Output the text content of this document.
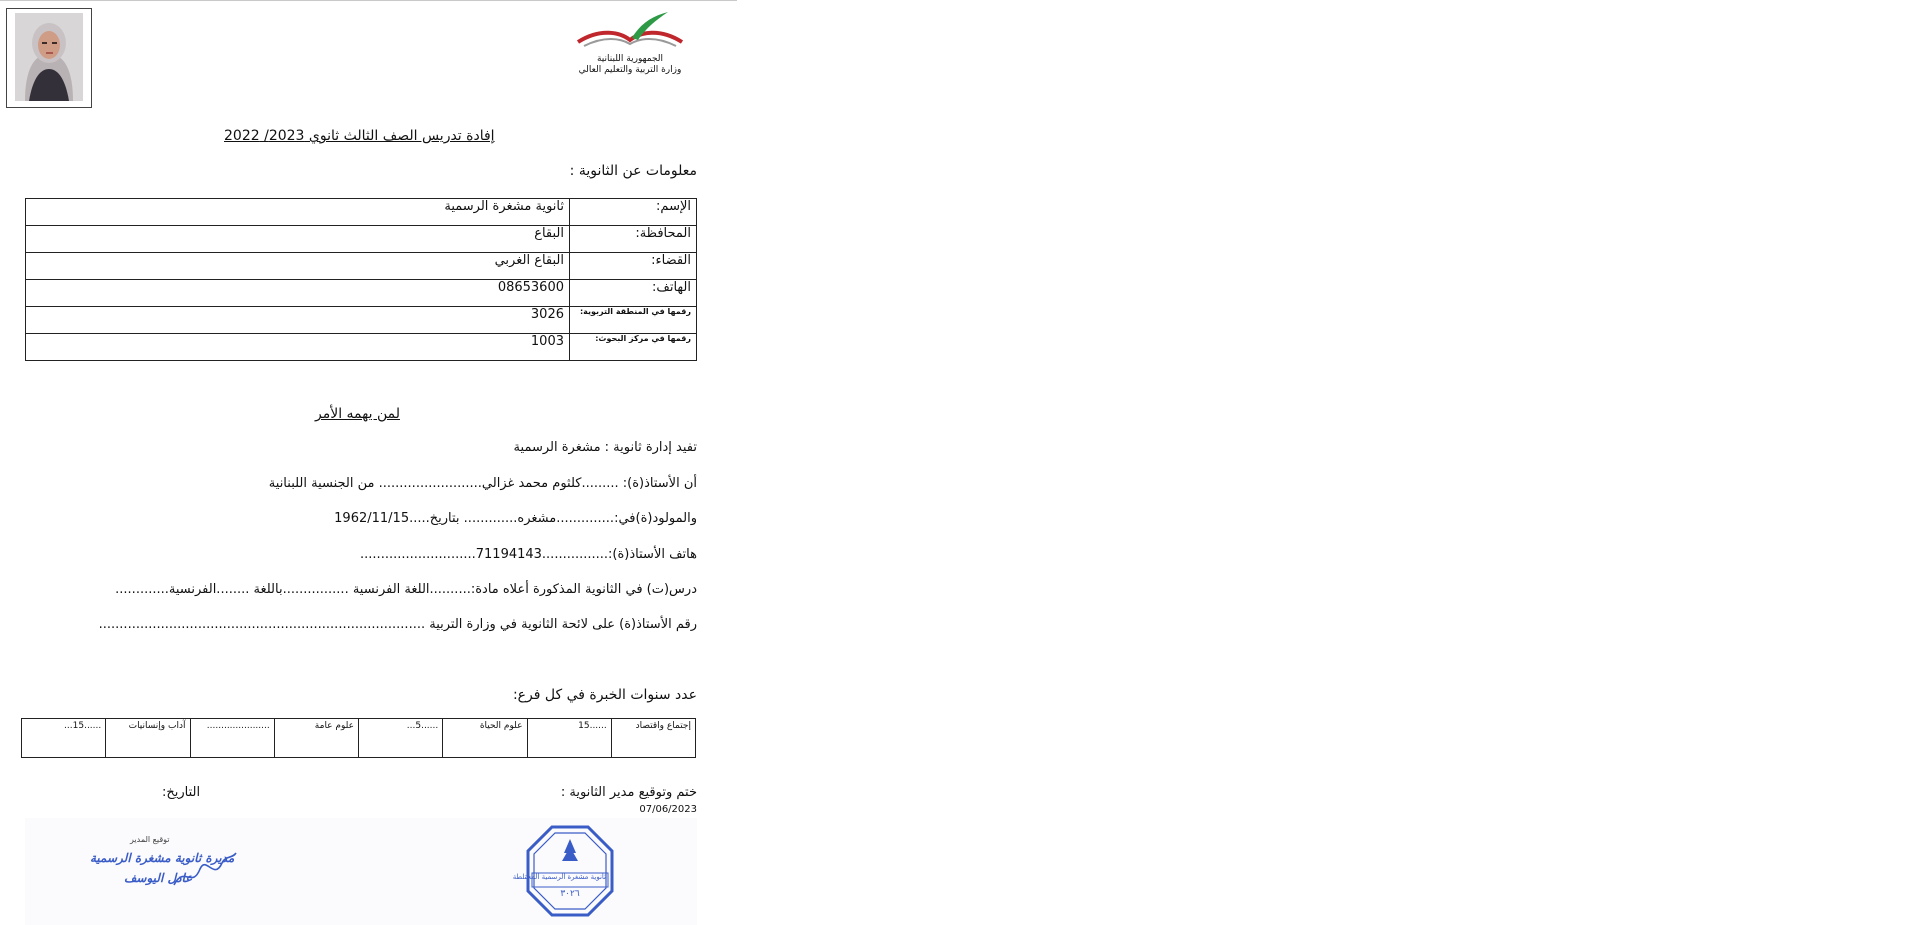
الجمهورية اللبنانية
وزارة التربية والتعليم العالي
إفادة تدريس الصف الثالث ثانوي 2023/ 2022
معلومات عن الثانوية :
الإسم:	ثانوية مشغرة الرسمية
المحافظة:	البقاع
القضاء:	البقاع الغربي
الهاتف:	08653600
رقمها في المنطقة التربوية:	3026
رقمها في مركز البحوث:	1003
لمن يهمه الأمر
تفيد إدارة ثانوية : مشغرة الرسمية
أن الأستاذ(ة): .........كلثوم محمد غزالي......................... من الجنسية اللبنانية
والمولود(ة)في:..............مشغره............. بتاريخ.....1962/11/15
هاتف الأستاذ(ة):................71194143............................
درس(ت) في الثانوية المذكورة أعلاه مادة:..........اللغة الفرنسية ................باللغة ........الفرنسية.............
رقم الأستاذ(ة) على لائحة الثانوية في وزارة التربية ...............................................................................
عدد سنوات الخبرة في كل فرع:
إجتماع واقتصاد	......15	علوم الحياة	......5...	علوم عامة	......................	آداب وإنسانيات	......15...
ختم وتوقيع مدير الثانوية :
التاريخ:
07/06/2023
ثانوية مشغرة الرسمية المختلطة
٣٠٢٦
توقيع المدير
مديرة ثانوية مشغرة الرسمية
عادل اليوسف
